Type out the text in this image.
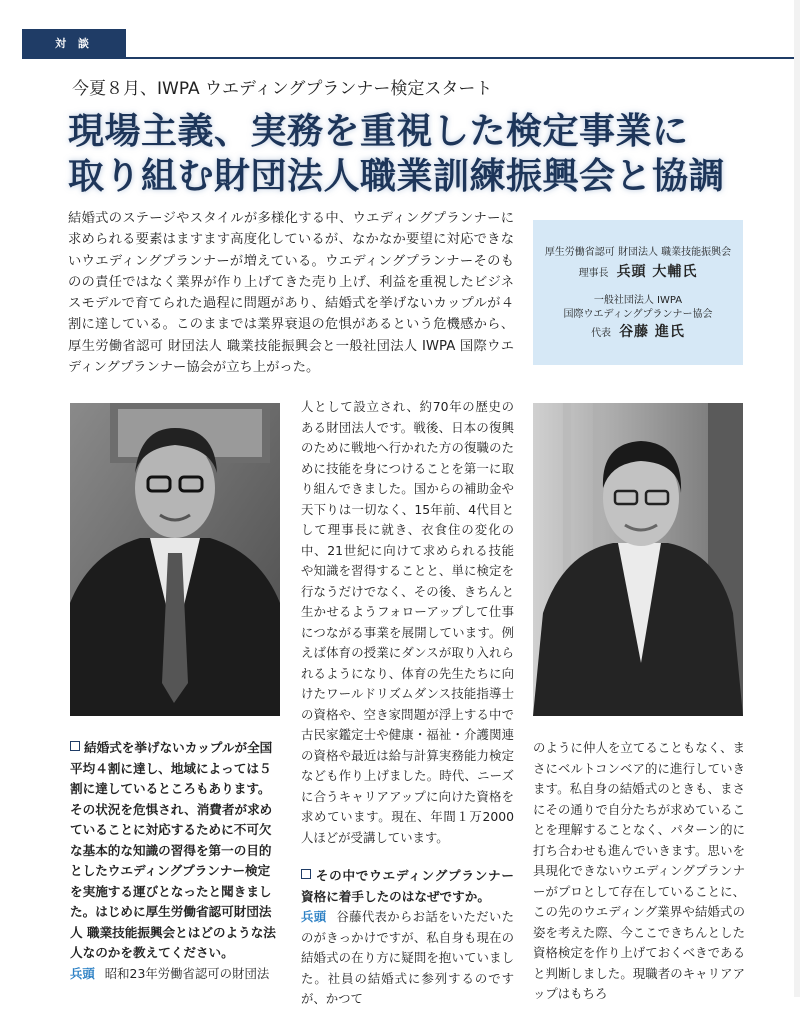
対 談
今夏８月、IWPA ウエディングプランナー検定スタート
現場主義、実務を重視した検定事業に
取り組む財団法人職業訓練振興会と協調
結婚式のステージやスタイルが多様化する中、ウエディングプランナーに求められる要素はますます高度化しているが、なかなか要望に対応できないウエディングプランナーが増えている。ウエディングプランナーそのものの責任ではなく業界が作り上げてきた売り上げ、利益を重視したビジネスモデルで育てられた過程に問題があり、結婚式を挙げないカップルが４割に達している。このままでは業界衰退の危惧があるという危機感から、厚生労働省認可 財団法人 職業技能振興会と一般社団法人 IWPA 国際ウエディングプランナー協会が立ち上がった。
厚生労働省認可 財団法人 職業技能振興会
理事長 兵頭 大輔氏
一般社団法人 IWPA
国際ウエディングプランナー協会
代表 谷藤 進氏
結婚式を挙げないカップルが全国平均４割に達し、地域によっては５割に達しているところもあります。その状況を危惧され、消費者が求めていることに対応するために不可欠な基本的な知識の習得を第一の目的としたウエディングプランナー検定を実施する運びとなったと聞きました。はじめに厚生労働省認可財団法人 職業技能振興会とはどのような法人なのかを教えてください。
兵頭 昭和23年労働省認可の財団法
人として設立され、約70年の歴史のある財団法人です。戦後、日本の復興のために戦地へ行かれた方の復職のために技能を身につけることを第一に取り組んできました。国からの補助金や天下りは一切なく、15年前、4代目として理事長に就き、衣食住の変化の中、21世紀に向けて求められる技能や知識を習得することと、単に検定を行なうだけでなく、その後、きちんと生かせるようフォローアップして仕事につながる事業を展開しています。例えば体育の授業にダンスが取り入れられるようになり、体育の先生たちに向けたワールドリズムダンス技能指導士の資格や、空き家問題が浮上する中で古民家鑑定士や健康・福祉・介護関連の資格や最近は給与計算実務能力検定なども作り上げました。時代、ニーズに合うキャリアアップに向けた資格を求めています。現在、年間１万2000人ほどが受講しています。
その中でウエディングプランナー資格に着手したのはなぜですか。
兵頭 谷藤代表からお話をいただいたのがきっかけですが、私自身も現在の結婚式の在り方に疑問を抱いていました。社員の結婚式に参列するのですが、かつて
のように仲人を立てることもなく、まさにベルトコンベア的に進行していきます。私自身の結婚式のときも、まさにその通りで自分たちが求めていることを理解することなく、パターン的に打ち合わせも進んでいきます。思いを具現化できないウエディングプランナーがプロとして存在していることに、この先のウエディング業界や結婚式の姿を考えた際、今ここできちんとした資格検定を作り上げておくべきであると判断しました。現職者のキャリアアップはもちろ
